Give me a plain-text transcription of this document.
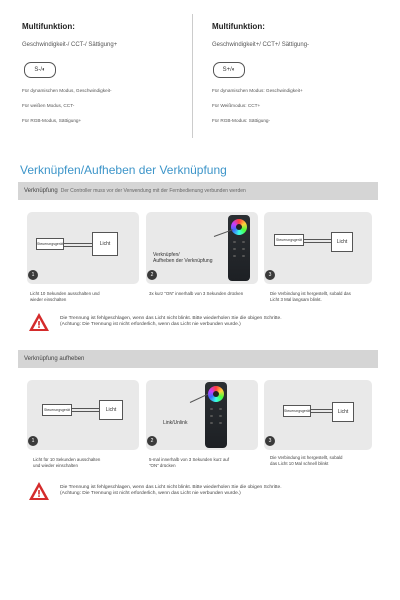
Multifunktion:
Geschwindigkeit-/ CCT-/ Sättigung+
S-/◐
Für dynamischen Modus, Geschwindigkeit-
Für weißen Modus, CCT-
Für RGB-Modus, Sättigung+
Multifunktion:
Geschwindigkeit+/ CCT+/ Sättigung-
S+/◐
Für dynamischen Modus: Geschwindigkeit+
Für Weißmodus: CCT+
Für RGB-Modus: Sättigung-
Verknüpfen/Aufheben der Verknüpfung
Verknüpfung Der Controller muss vor der Verwendung mit der Fernbedienung verbunden werden
Steuerungsgerät	Licht
1
Licht 10 Sekunden ausschalten und
wieder einschalten
Verknüpfen/
Aufheben der Verknüpfung
2
3x kurz "ON" innerhalb von 3 Sekunden drücken
Steuerungsgerät	Licht
3
Die Verbindung ist hergestellt, sobald das
Licht 3 Mal langsam blinkt.
Die Trennung ist fehlgeschlagen, wenn das Licht nicht blinkt. Bitte wiederholen Sie die obigen Schritte.
(Achtung: Die Trennung ist nicht erforderlich, wenn das Licht nie verbunden wurde.)
Verknüpfung aufheben
Steuerungsgerät	Licht
1
Licht für 10 Sekunden ausschalten
und wieder einschalten
Link/Unlink
2
5-mal innerhalb von 3 Sekunden kurz auf
"ON" drücken
Steuerungsgerät	Licht
3
Die Verbindung ist hergestellt, sobald
das Licht 10 Mal schnell blinkt
Die Trennung ist fehlgeschlagen, wenn das Licht nicht blinkt. Bitte wiederholen Sie die obigen Schritte.
(Achtung: Die Trennung ist nicht erforderlich, wenn das Licht nie verbunden wurde.)
